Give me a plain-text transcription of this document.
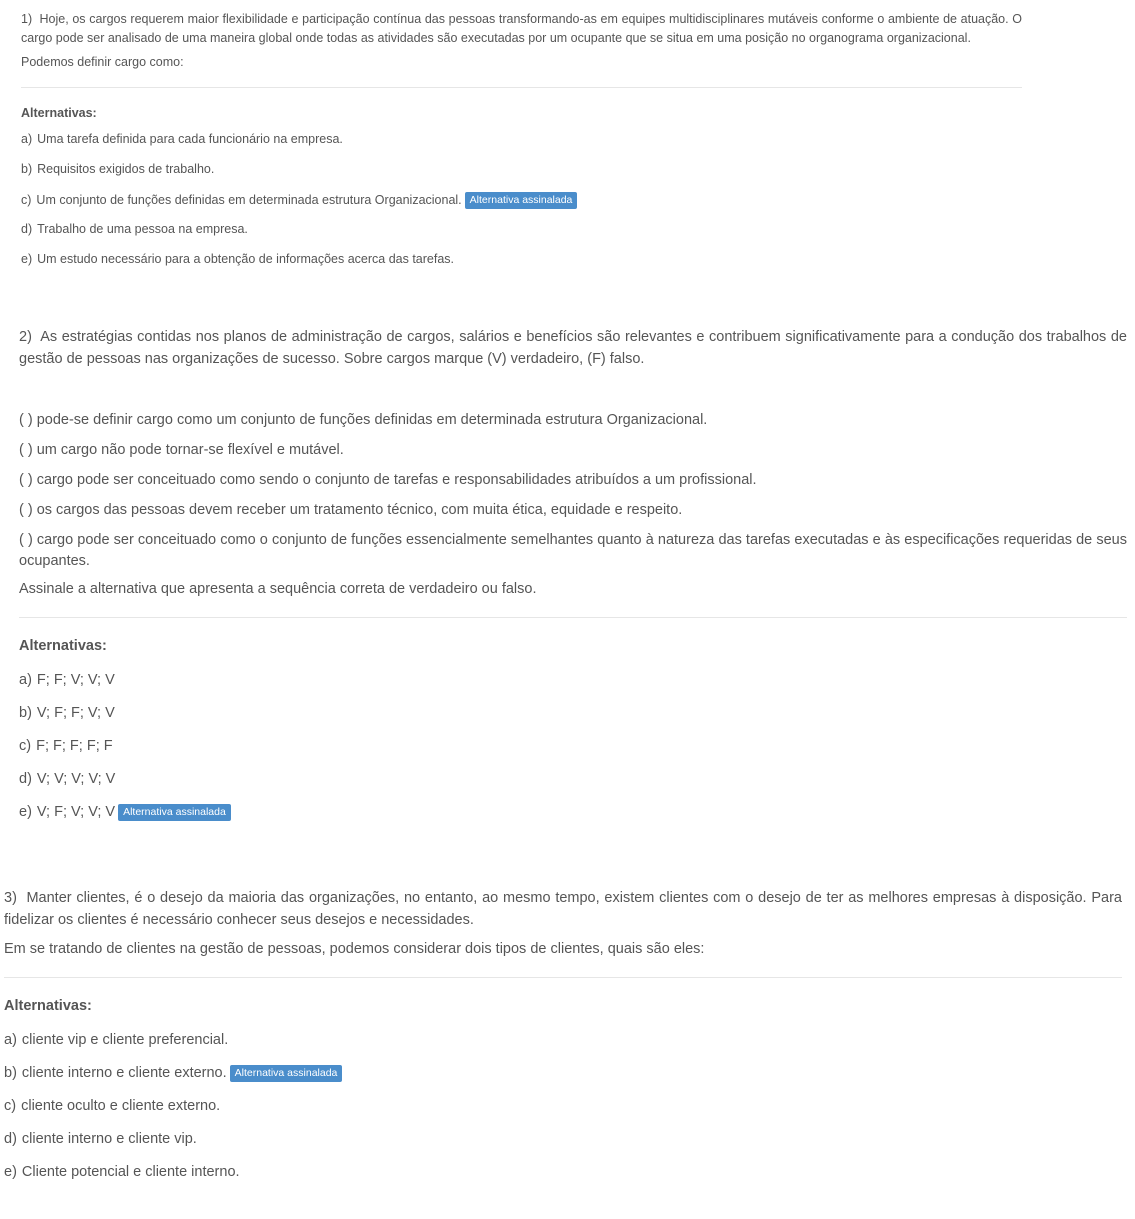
1) Hoje, os cargos requerem maior flexibilidade e participação contínua das pessoas transformando-as em equipes multidisciplinares mutáveis conforme o ambiente de atuação. O cargo pode ser analisado de uma maneira global onde todas as atividades são executadas por um ocupante que se situa em uma posição no organograma organizacional.

Podemos definir cargo como:

Alternativas:

a) Uma tarefa definida para cada funcionário na empresa.

b) Requisitos exigidos de trabalho.

c) Um conjunto de funções definidas em determinada estrutura Organizacional. Alternativa assinalada

d) Trabalho de uma pessoa na empresa.

e) Um estudo necessário para a obtenção de informações acerca das tarefas.

2) As estratégias contidas nos planos de administração de cargos, salários e benefícios são relevantes e contribuem significativamente para a condução dos trabalhos de gestão de pessoas nas organizações de sucesso. Sobre cargos marque (V) verdadeiro, (F) falso.

( ) pode-se definir cargo como um conjunto de funções definidas em determinada estrutura Organizacional.

( ) um cargo não pode tornar-se flexível e mutável.

( ) cargo pode ser conceituado como sendo o conjunto de tarefas e responsabilidades atribuídos a um profissional.

( ) os cargos das pessoas devem receber um tratamento técnico, com muita ética, equidade e respeito.

( ) cargo pode ser conceituado como o conjunto de funções essencialmente semelhantes quanto à natureza das tarefas executadas e às especificações requeridas de seus ocupantes.

Assinale a alternativa que apresenta a sequência correta de verdadeiro ou falso.

Alternativas:

a) F; F; V; V; V

b) V; F; F; V; V

c) F; F; F; F; F

d) V; V; V; V; V

e) V; F; V; V; V Alternativa assinalada

3) Manter clientes, é o desejo da maioria das organizações, no entanto, ao mesmo tempo, existem clientes com o desejo de ter as melhores empresas à disposição. Para fidelizar os clientes é necessário conhecer seus desejos e necessidades.

Em se tratando de clientes na gestão de pessoas, podemos considerar dois tipos de clientes, quais são eles:

Alternativas:

a) cliente vip e cliente preferencial.

b) cliente interno e cliente externo. Alternativa assinalada

c) cliente oculto e cliente externo.

d) cliente interno e cliente vip.

e) Cliente potencial e cliente interno.
